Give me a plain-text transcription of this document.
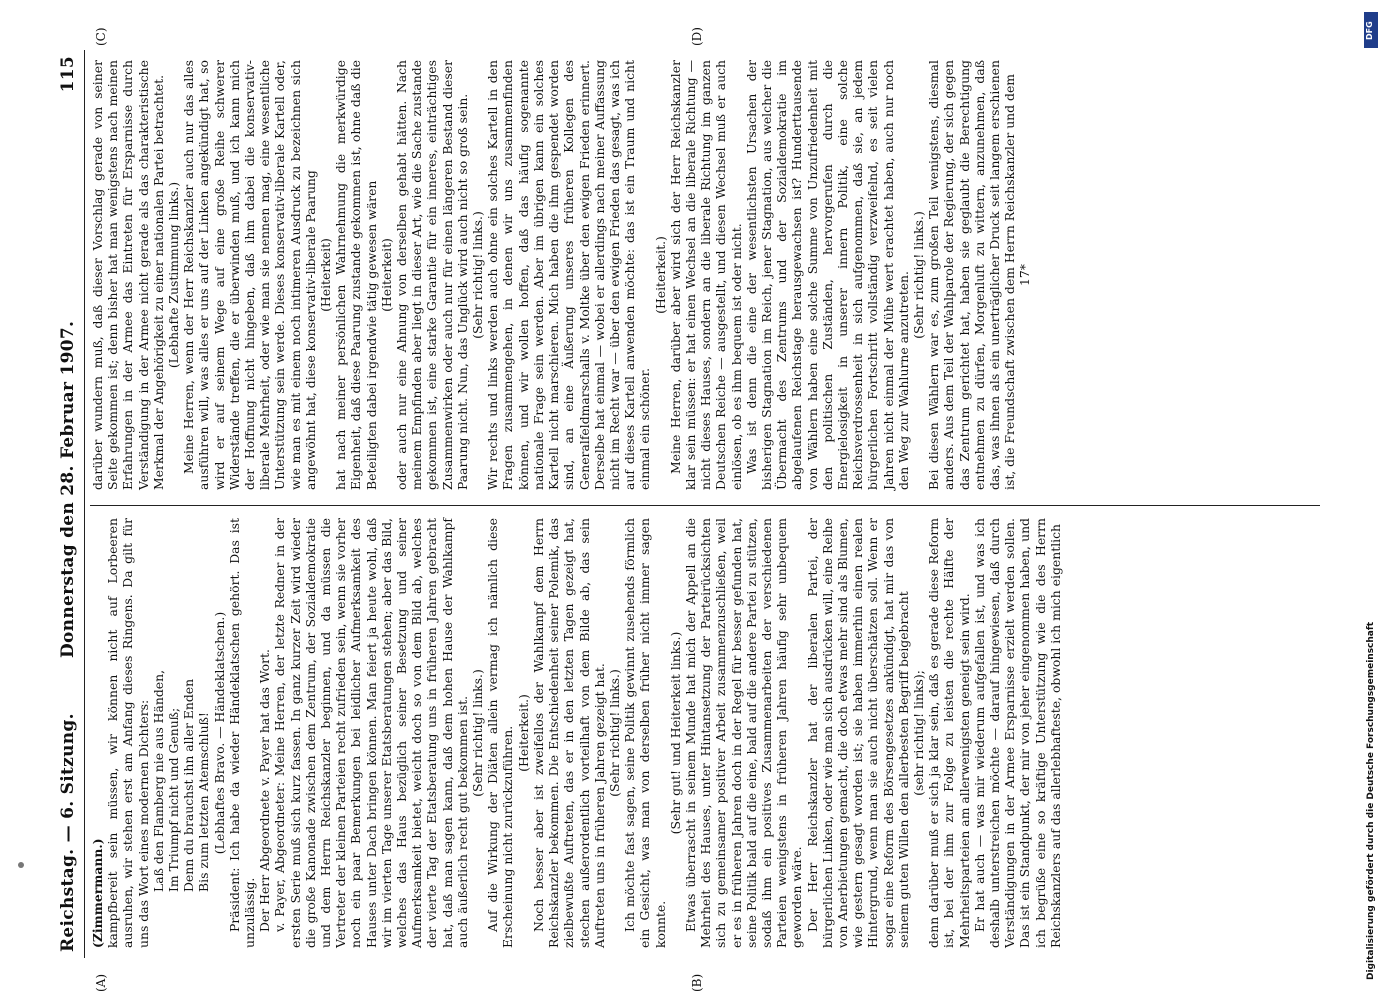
Reichstag. — 6. Sitzung.
Donnerstag den 28. Februar 1907.
115

(Zimmermann.) kampfbereit sein müssen, wir können nicht auf Lorbeeren ausruhen, wir stehen erst am Anfang dieses Ringens. Da gilt für uns das Wort eines modernen Dichters: Laß den Flamberg nie aus Händen, Im Triumpf nicht und Genuß; Denn du brauchst ihn aller Enden Bis zum letzten Atemschluß! (Lebhaftes Bravo. — Händeklatschen.) Präsident: Ich habe da wieder Händeklatschen gehört. Das ist unzulässig. Der Herr Abgeordnete v. Payer hat das Wort. v. Payer, Abgeordneter: Meine Herren, der letzte Redner in der ersten Serie muß sich kurz fassen. In ganz kurzer Zeit wird wieder die große Kanonade zwischen dem Zentrum, der Sozialdemokratie und dem Herrn Reichskanzler beginnen, und da müssen die Vertreter der kleinen Parteien recht zufrieden sein, wenn sie vorher noch ein paar Bemerkungen bei leidlicher Aufmerksamkeit des Hauses unter Dach bringen können. Man feiert ja heute wohl, daß wir im vierten Tage unserer Etatsberatungen stehen; aber das Bild, welches das Haus bezüglich seiner Besetzung und seiner Aufmerksamkeit bietet, weicht doch so von dem Bild ab, welches der vierte Tag der Etatsberatung uns in früheren Jahren gebracht hat, daß man sagen kann, daß dem hohen Hause der Wahlkampf auch äußerlich recht gut bekommen ist. (Sehr richtig! links.) Auf die Wirkung der Diäten allein vermag ich nämlich diese Erscheinung nicht zurückzuführen. (Heiterkeit.) Noch besser aber ist zweifellos der Wahlkampf dem Herrn Reichskanzler bekommen. Die Entschiedenheit seiner Polemik, das zielbewußte Auftreten, das er in den letzten Tagen gezeigt hat, stechen außerordentlich vorteilhaft von dem Bilde ab, das sein Auftreten uns in früheren Jahren gezeigt hat. (Sehr richtig! links.) Ich möchte fast sagen, seine Politik gewinnt zusehends förmlich ein Gesicht, was man von derselben früher nicht immer sagen konnte.

(Sehr gut! und Heiterkeit links.) Etwas überrascht in seinem Munde hat mich der Appell an die Mehrheit des Hauses, unter Hintansetzung der Parteirücksichten sich zu gemeinsamer positiver Arbeit zusammenzuschließen, weil er es in früheren Jahren doch in der Regel für besser gefunden hat, seine Politik bald auf die eine, bald auf die andere Partei zu stützen, sodaß ihm ein positives Zusammenarbeiten der verschiedenen Parteien wenigstens in früheren Jahren häufig sehr unbequem geworden wäre. Der Herr Reichskanzler hat der liberalen Partei, der bürgerlichen Linken, oder wie man sich ausdrücken will, eine Reihe von Anerbietungen gemacht, die doch etwas mehr sind als Blumen, wie gestern gesagt worden ist; sie haben immerhin einen realen Hintergrund, wenn man sie auch nicht überschätzen soll. Wenn er sogar eine Reform des Börsengesetzes ankündigt, hat mir das von seinem guten Willen den allerbesten Begriff beigebracht (sehr richtig! links); denn darüber muß er sich ja klar sein, daß es gerade diese Reform ist, bei der ihm zur Folge zu leisten die rechte Hälfte der Mehrheitsparteien am allerwenigsten geneigt sein wird. Er hat auch — was mir wiederum aufgefallen ist, und was ich deshalb unterstreichen möchte — darauf hingewiesen, daß durch Verständigungen in der Armee Ersparnisse erzielt werden sollen. Das ist ein Standpunkt, der mir von jeher eingenommen haben, und ich begrüße eine so kräftige Unterstützung wie die des Herrn Reichskanzlers auf das allerlebhafteste, obwohl ich mich eigentlich

darüber wundern muß, daß dieser Vorschlag gerade von seiner Seite gekommen ist; denn bisher hat man wenigstens nach meinen Erfahrungen in der Armee das Eintreten für Ersparnisse durch Verständigung in der Armee nicht gerade als das charakteristische Merkmal der Angehörigkeit zu einer nationalen Partei betrachtet. (Lebhafte Zustimmung links.) Meine Herren, wenn der Herr Reichskanzler auch nur das alles ausführen will, was alles er uns auf der Linken angekündigt hat, so wird er auf seinem Wege auf eine große Reihe schwerer Widerstände treffen, die er überwinden muß, und ich kann mich der Hoffnung nicht hingeben, daß ihm dabei die konservativ-liberale Mehrheit, oder wie man sie nennen mag, eine wesentliche Unterstützung sein werde. Dieses konservativ-liberale Kartell oder, wie man es mit einem noch intimeren Ausdruck zu bezeichnen sich angewöhnt hat, diese konservativ-liberale Paarung (Heiterkeit) hat nach meiner persönlichen Wahrnehmung die merkwürdige Eigenheit, daß diese Paarung zustande gekommen ist, ohne daß die Beteiligten dabei irgendwie tätig gewesen wären (Heiterkeit) oder auch nur eine Ahnung von derselben gehabt hätten. Nach meinem Empfinden aber liegt in dieser Art, wie die Sache zustande gekommen ist, eine starke Garantie für ein inneres, einträchtiges Zusammenwirken oder auch nur für einen längeren Bestand dieser Paarung nicht. Nun, das Unglück wird auch nicht so groß sein. (Sehr richtig! links.) Wir rechts und links werden auch ohne ein solches Kartell in den Fragen zusammengehen, in denen wir uns zusammenfinden können, und wir wollen hoffen, daß das häufig sogenannte nationale Frage sein werden. Aber im übrigen kann ein solches Kartell nicht marschieren. Mich haben die ihm gespendet worden sind, an eine Äußerung unseres früheren Kollegen des Generalfeldmarschalls v. Moltke über den ewigen Frieden erinnert. Derselbe hat einmal — wobei er allerdings nach meiner Auffassung nicht im Recht war — über den ewigen Frieden das gesagt, was ich auf dieses Kartell anwenden möchte: das ist ein Traum und nicht einmal ein schöner.

(Heiterkeit.) Meine Herren, darüber aber wird sich der Herr Reichskanzler klar sein müssen: er hat einen Wechsel an die liberale Richtung — nicht dieses Hauses, sondern an die liberale Richtung im ganzen Deutschen Reiche — ausgestellt, und diesen Wechsel muß er auch einlösen, ob es ihm bequem ist oder nicht. Was ist denn die eine der wesentlichsten Ursachen der bisherigen Stagnation im Reich, jener Stagnation, aus welcher die Übermacht des Zentrums und der Sozialdemokratie im abgelaufenen Reichstage herausgewachsen ist? Hunderttausende von Wählern haben eine solche Summe von Unzufriedenheit mit den politischen Zuständen, hervorgerufen durch die Energielosigkeit in unserer innern Politik, eine solche Reichsverdrossenheit in sich aufgenommen, daß sie, an jedem bürgerlichen Fortschritt vollständig verzweifelnd, es seit vielen Jahren nicht einmal der Mühe wert erachtet haben, auch nur noch den Weg zur Wahlurne anzutreten. (Sehr richtig! links.) Bei diesen Wählern war es, zum großen Teil wenigstens, diesmal anders. Aus dem Teil der Wahlparole der Regierung, der sich gegen das Zentrum gerichtet hat, haben sie geglaubt die Berechtigung entnehmen zu dürfen, Morgenluft zu wittern, anzunehmen, daß das, was ihnen als ein unerträglicher Druck seit langem erschienen ist, die Freundschaft zwischen dem Herrn Reichskanzler und dem 17*

(A)	(B)
(C)	(D)	DFG
Digitalisierung gefördert durch die Deutsche Forschungsgemeinschaft
